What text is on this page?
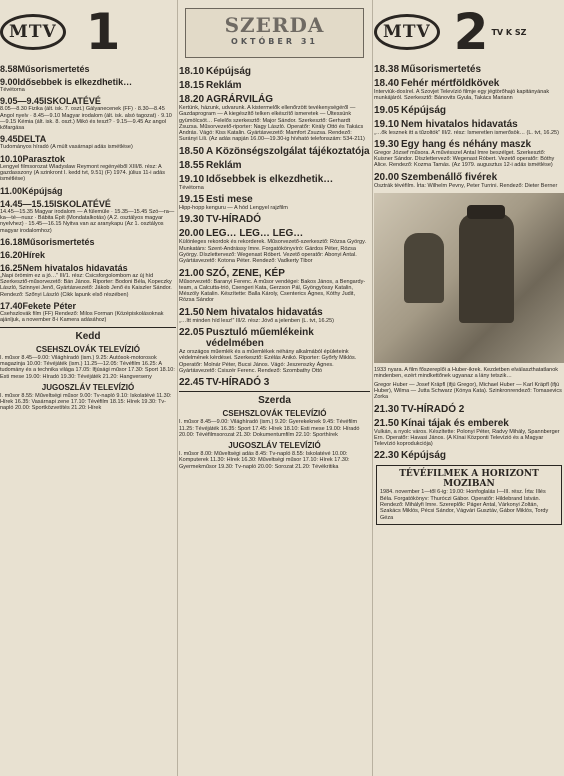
MTV 1
8.58 Műsorismertetés
9.00 Idősebbek is elkezdhetik…
Tévétorna
9.05—9.45 ISKOLATÉVÉ
8.05—8.30 Fizika (ált. isk. 7. oszt.) Gályanecenek (FF) · 8.30—8.45 Angol nyelv · 8.45—9.10 Magyar irodalom (ált. isk. alsó tagozat) · 9.10—9.15 Kémia (ált. isk. 8. oszt.) Mikó és teszt? · 9.15—9.45 Az angol kőfargása
9.45 DELTA
Tudományos híradó (A múlt vasárnapi adás ismétlése)
10.10 Parasztok
Lengyel filmsorozat Wladyslaw Reymont regényéből XIII/8. rész: A gazdasszony (A szinkront I. kedd tvt, 9.51) (F) 1974. július 11-i adás ismétlése)
11.00 Képújság
14.45—15.15 ISKOLATÉVÉ
14.45—15.35 Magyar irodalom — A fülemüle · 15.35—15.45 Szó—ra—ka—té—nusz · Bábita Épít (Mondatalkotás) (A 2. osztályos magyar nyelvhez) · 15.45—16.15 Nyitva van az aranykapu (Az 1. osztályos magyar irodalomhoz)
16.18 Műsorismertetés
16.20 Hírek
16.25 Nem hivatalos hidavatás
„Napi örömim ez a jó…” III/1. rész: Csicsforgolombom az új híd Szerkesztő-műsorvezető: Bán János. Riporter: Bodoni Béla, Kopeczky László, Szinnyei Jenő, Gyártásvezető: Jákob Jenő és Kaiszler Sándor. Rendező: Szőnyi László (Cikk lapunk első részében)
17.40 Fekete Péter
Csehszlovák film (FF) Rendező: Milos Forman (Középiskolásoknak ajánljuk, a november 8-i Kamera adásához)
Kedd
CSEHSZLOVÁK TELEVÍZIÓ
I. műsor 8.45—9.00: Világhíradó (ism.) 9.25: Autósok-motorosok magazinja 10.00: Tévéjáték (ism.) 11.25—12.05: Tévéfilm 16.25: A tudomány és a technika világa 17.05: Ifjúsági műsor 17.30: Sport 18.10: Esti mese 19.00: Híradó 19.30: Tévéjáték 21.20: Hangverseny
JUGOSZLÁV TELEVÍZIÓ
I. műsor 8.55: Műveltségi műsor 9.00: Tv-napló 9.10: Iskolatévé 11.30: Hírek 16.35: Vasárnapi zene 17.10: Tévéfilm 18.15: Hírek 19.30: Tv-napló 20.00: Sportközvetítés 21.20: Hírek
SZERDA
OKTÓBER 31
18.10 Képújság
18.15 Reklám
18.20 AGRÁRVILÁG
Kertünk, házunk, udvarunk. A kistermelők ellenőrzött tevékenységéről — Gazdaprogram — A kiegészítő telken elkészítő ismeretek — Ültessünk gyümölcsöt… Felelős szerkesztő: Major Sándor. Szerkesztő: Gerhardt Zsuzsa. Műsorvezető-riporter: Nagy László. Operatőr: Király Ottó és Takács András. Vágó: Kiss Katalin. Gyártásvezető: Mamfort Zsuzsa. Rendező: Surányi Lili. (Az adás napján 16.00—19.30-ig hívható telefonszám: 534-211)
18.50 A Közönségszolgálat tájékoztatója
18.55 Reklám
19.10 Idősebbek is elkezdhetik…
Tévétorna
19.15 Esti mese
Hipp-hopp kenguru — A hód Lengyel rajzfilm
19.30 TV-HÍRADÓ
20.00 LEG… LEG… LEG…
Különleges rekordok és rekorderek. Műsorvezető-szerkesztő: Rózsa György. Munkatárs: Szent-Andrássy Imre. Forgatókönyvíró: Gárdos Péter, Rózsa György. Díszlettervező: Wegenast Róbert. Vezető operatőr: Abonyi Antal. Gyártásvezető: Kotona Péter. Rendező: Vadkerty Tibor
21.00 SZÓ, ZENE, KÉP
Műsorvezető: Baranyi Ferenc. A műsor vendégei: Bakos János, a Bengardy-team, a Calcutta-trió, Csengeri Kata, Gerzson Pál, Gyöngyössy Katalin, Mészöly Katalin. Készítette: Balla Károly, Csenterics Ágnes, Kóthy Judit, Rózsa Sándor
21.50 Nem hivatalos hidavatás
„…Itt minden híd lesz!” III/2. rész: Jövő a jelenben (L. tvt, 16.25)
22.05 Pusztuló műemlékeink védelmében
Az országos műemlék és a műemlékek néhány alkalmából épületeink védelmének kérdései. Szerkesztő: Ezélás Anikó. Riporter: Győrfy Miklós. Operatőr: Molnár Péter, Bucsi János. Vágó: Jeszenszky Ágnes. Gyártásvezető: Csiszér Ferenc. Rendező: Szombathy Ottó
22.45 TV-HÍRADÓ 3
Szerda
CSEHSZLOVÁK TELEVÍZIÓ
I. műsor 8.45—9.00: Világhíradó (ism.) 9.20: Gyerekeknek 9.45: Tévéfilm 11.25: Tévéjáték 16.35: Sport 17.45: Hírek 18.10: Esti mese 19.00: Híradó 20.00: Tévéfilmsorozat 21.30: Dokumentumfilm 22.10: Sporthírek
JUGOSZLÁV TELEVÍZIÓ
I. műsor 8.00: Műveltségi adás 8.45: Tv-napló 8.55: Iskolatévé 10.00: Komputerek 11.30: Hírek 16.30: Műveltségi műsor 17.10: Hírek 17.30: Gyermekműsor 19.30: Tv-napló 20.00: Sorozat 21.20: Tévékritika
MTV 2 TV K SZ
18.38 Műsorismertetés
18.40 Fehér mértföldkövek
Interviúk-dosírel. A Szovjet Televízió filmje egy jégtörőhajó kapitányának munkájáról. Szerkesztő: Bánovits Gyula, Takács Mariann
19.05 Képújság
19.10 Nem hivatalos hidavatás
„…ők lesznek itt a tűzoltók” III/2. rész: Ismeretlen ismerősök… (L. tvt, 16.25)
19.30 Egy hang és néhány maszk
Gregor József műsora. A művésszel Antal Imre beszélget. Szerkesztő: Kuisner Sándor. Díszlettervező: Wegenast Róbert. Vezető operatőr: Bóthy Alice. Rendező: Kozma Tamás. (Az 1979. augusztus 12-i adás ismétlése)
20.00 Szembenállő fivérek
Osztrák tévéfilm. Írta: Wilhelm Pevny, Peter Turrini. Rendező: Dieter Berner
1933 nyara. A film főszereplői a Huber-ikrek. Kezdetben elválaszthatatlanok mindenben, ezért mindkettőnek ugyanaz a lány tetszik…
Gregor Huber — Josef Kräpfl (ifjú Gregor), Michael Huber — Karl Kräpfl (ifjú Huber), Wilma — Jutta Schwarz (Kónya Kata). Szinkronrendező: Tomasevics Zorka
21.30 TV-HÍRADÓ 2
21.50 Kínai tájak és emberek
Vulkán, a nyolc város. Készítette: Polonyi Péter, Radvy Mihály, Spannberger Ern. Operatőr: Havasi János. (A Kínai Központi Televízió és a Magyar Televízió koprodukciója)
22.30 Képújság
TÉVÉFILMEK A HORIZONT MOZIBAN
1984. november 1—től 6-ig: 19.00: Honfoglalás I—III. rész. Írta: Illés Béla. Forgatókönyv: Thuróczi Gábor. Operatőr: Hildebrand István. Rendező: Mihályfi Imre. Szereplők: Páger Antal, Várkonyi Zoltán, Szakács Miklós, Pécsi Sándor, Vágvári Gusztáv, Gábor Miklós, Tordy Géza
